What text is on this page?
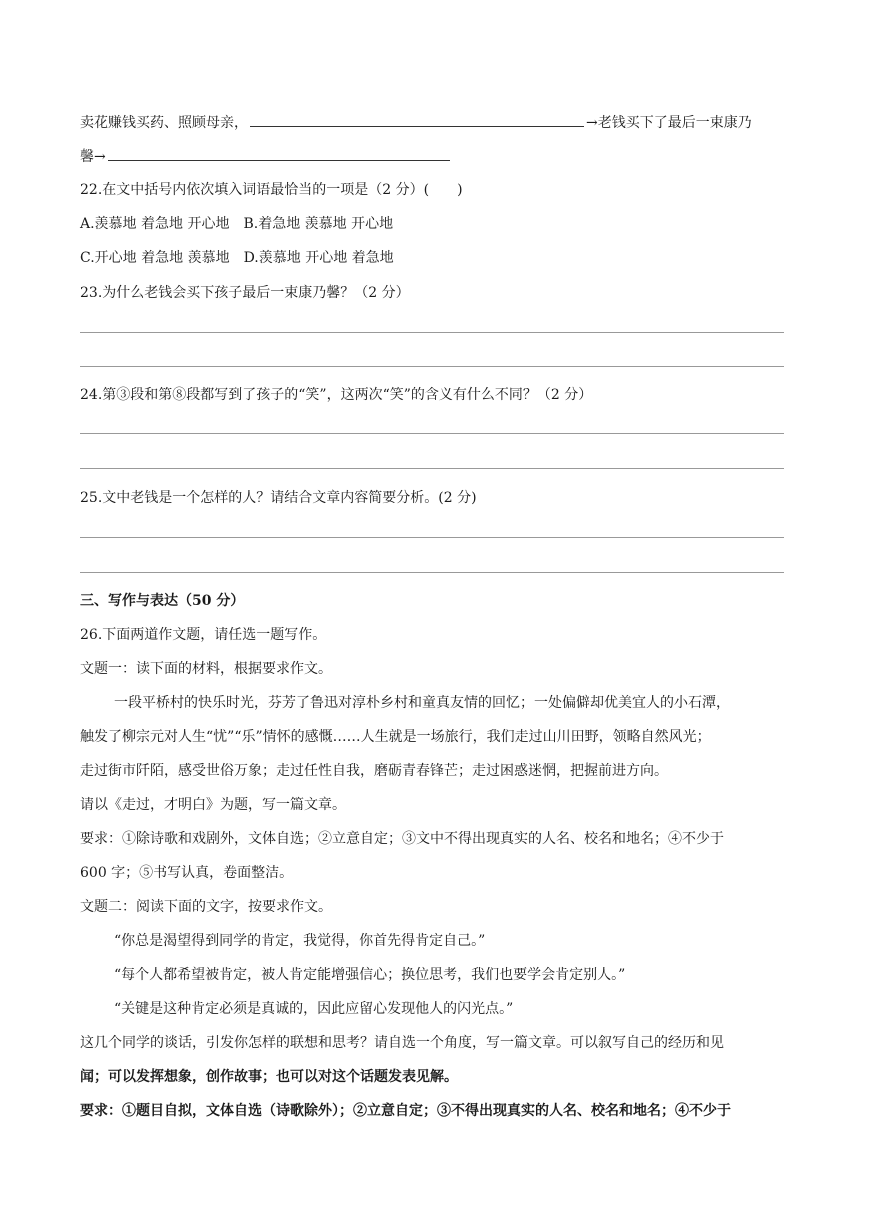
卖花赚钱买药、照顾母亲，	→老钱买下了最后一束康乃
馨→
22.在文中括号内依次填入词语最恰当的一项是（2 分）(　　)
A.羡慕地 着急地 开心地 B.着急地 羡慕地 开心地
C.开心地 着急地 羡慕地 D.羡慕地 开心地 着急地
23.为什么老钱会买下孩子最后一束康乃馨？（2 分）
24.第③段和第⑧段都写到了孩子的“笑”，这两次“笑”的含义有什么不同？（2 分）
25.文中老钱是一个怎样的人？请结合文章内容简要分析。(2 分)
三、写作与表达（50 分）
26.下面两道作文题，请任选一题写作。
文题一：读下面的材料，根据要求作文。
一段平桥村的快乐时光，芬芳了鲁迅对淳朴乡村和童真友情的回忆；一处偏僻却优美宜人的小石潭，
触发了柳宗元对人生“忧”“乐”情怀的感慨……人生就是一场旅行，我们走过山川田野，领略自然风光；
走过街市阡陌，感受世俗万象；走过任性自我，磨砺青春锋芒；走过困惑迷惘，把握前进方向。
请以《走过，才明白》为题，写一篇文章。
要求：①除诗歌和戏剧外，文体自选；②立意自定；③文中不得出现真实的人名、校名和地名；④不少于
600 字；⑤书写认真，卷面整洁。
文题二：阅读下面的文字，按要求作文。
“你总是渴望得到同学的肯定，我觉得，你首先得肯定自己。”
“每个人都希望被肯定，被人肯定能增强信心；换位思考，我们也要学会肯定别人。”
“关键是这种肯定必须是真诚的，因此应留心发现他人的闪光点。”
这几个同学的谈话，引发你怎样的联想和思考？请自选一个角度，写一篇文章。可以叙写自己的经历和见
闻；可以发挥想象，创作故事；也可以对这个话题发表见解。
要求：①题目自拟，文体自选（诗歌除外）；②立意自定；③不得出现真实的人名、校名和地名；④不少于
